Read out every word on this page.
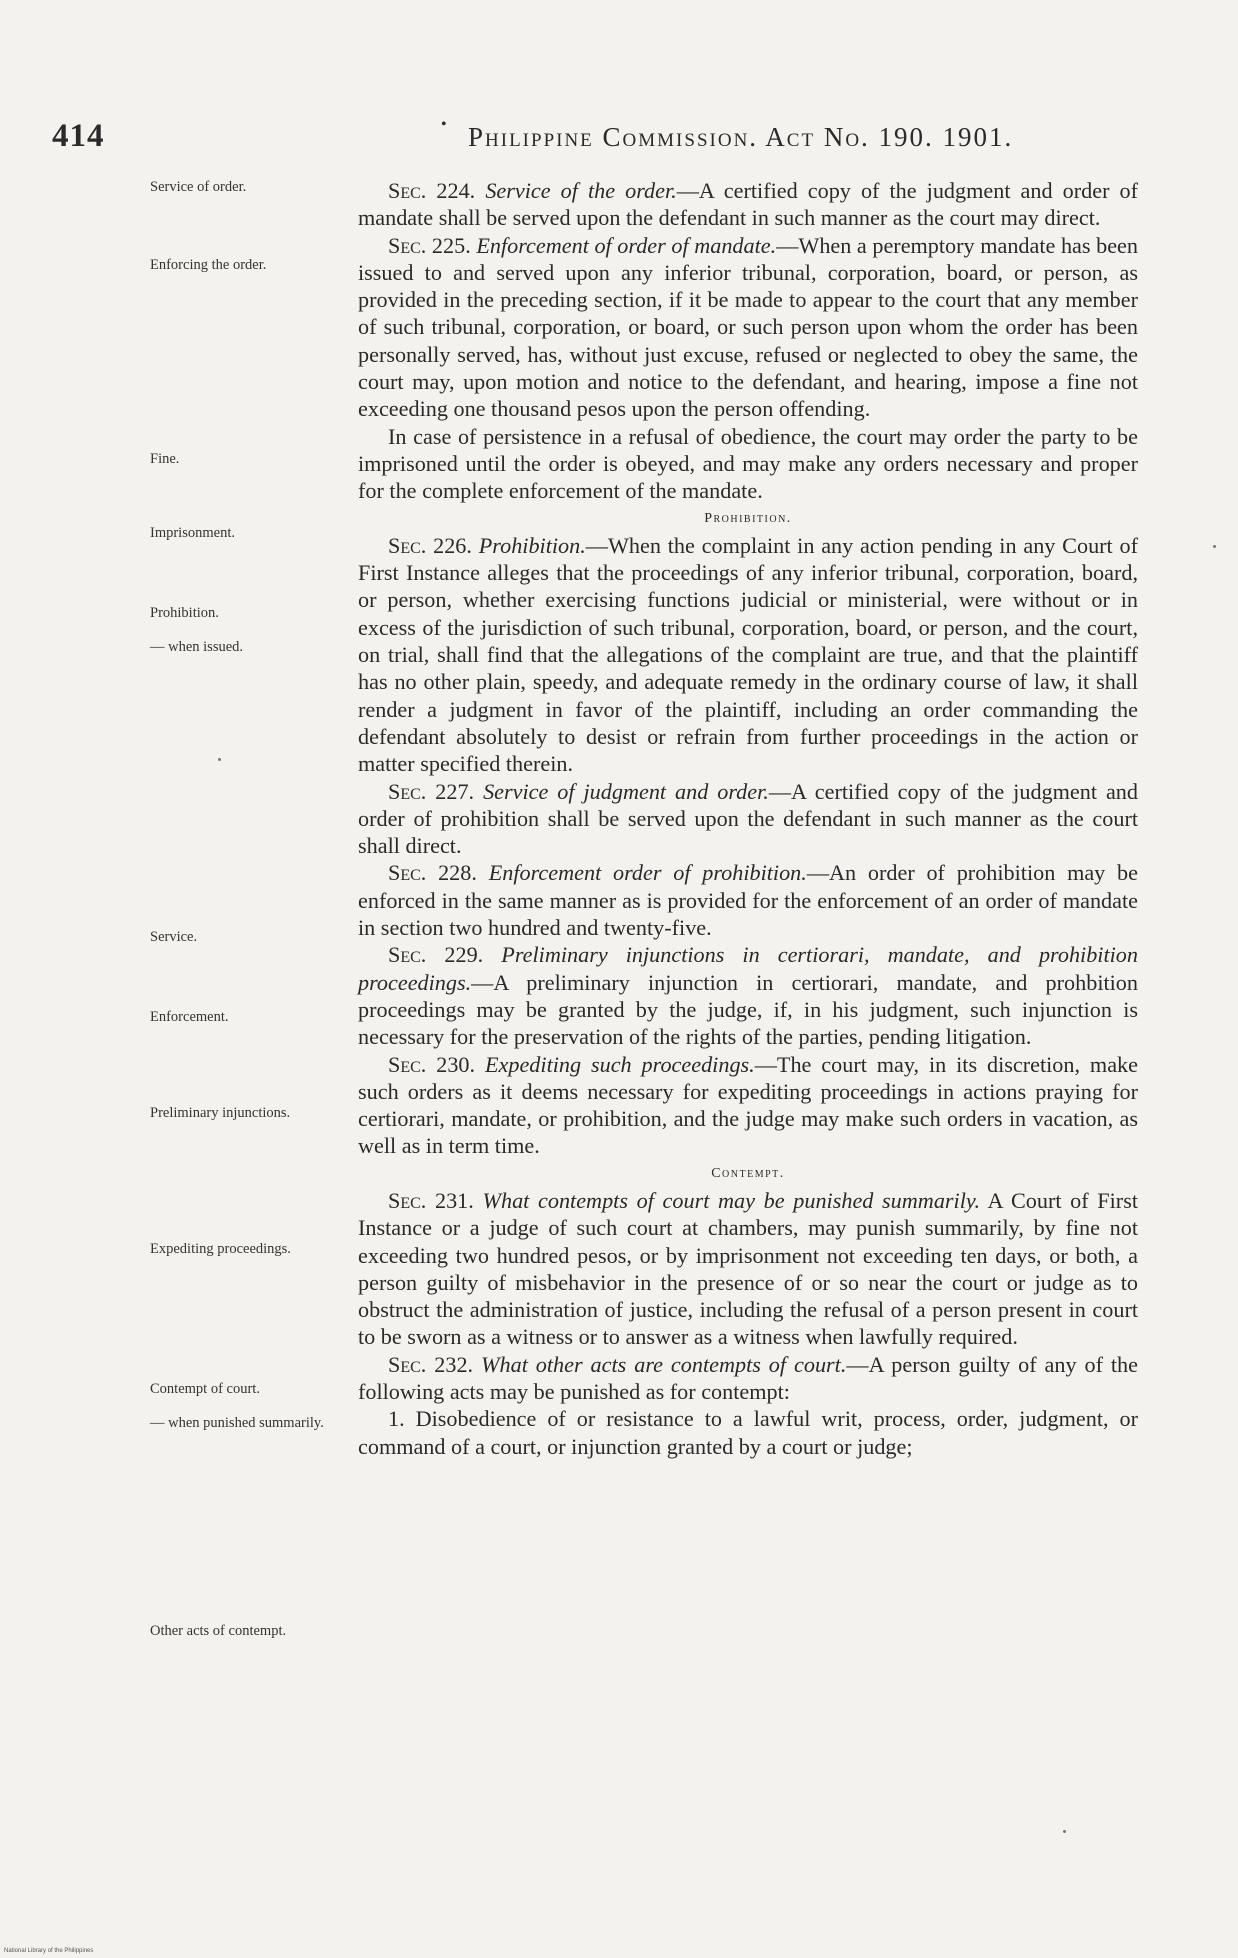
414	• Philippine Commission. Act No. 190. 1901.
Service of order.
Enforcing the order.
Fine.
Imprisonment.
Prohibition.
— when issued.
Service.
Enforcement.
Preliminary injunctions.
Expediting proceedings.
Contempt of court.
— when punished summarily.
Other acts of contempt.

Sec. 224. Service of the order.—A certified copy of the judgment and order of mandate shall be served upon the defendant in such manner as the court may direct.

Sec. 225. Enforcement of order of mandate.—When a peremptory mandate has been issued to and served upon any inferior tribunal, corporation, board, or person, as provided in the preceding section, if it be made to appear to the court that any member of such tribunal, corporation, or board, or such person upon whom the order has been personally served, has, without just excuse, refused or neglected to obey the same, the court may, upon motion and notice to the defendant, and hearing, impose a fine not exceeding one thousand pesos upon the person offending.

In case of persistence in a refusal of obedience, the court may order the party to be imprisoned until the order is obeyed, and may make any orders necessary and proper for the complete enforcement of the mandate.

Prohibition.

Sec. 226. Prohibition.—When the complaint in any action pending in any Court of First Instance alleges that the proceedings of any inferior tribunal, corporation, board, or person, whether exercising functions judicial or ministerial, were without or in excess of the jurisdiction of such tribunal, corporation, board, or person, and the court, on trial, shall find that the allegations of the complaint are true, and that the plaintiff has no other plain, speedy, and adequate remedy in the ordinary course of law, it shall render a judgment in favor of the plaintiff, including an order commanding the defendant absolutely to desist or refrain from further proceedings in the action or matter specified therein.

Sec. 227. Service of judgment and order.—A certified copy of the judgment and order of prohibition shall be served upon the defendant in such manner as the court shall direct.

Sec. 228. Enforcement order of prohibition.—An order of prohibition may be enforced in the same manner as is provided for the enforcement of an order of mandate in section two hundred and twenty-five.

Sec. 229. Preliminary injunctions in certiorari, mandate, and prohibition proceedings.—A preliminary injunction in certiorari, mandate, and prohbition proceedings may be granted by the judge, if, in his judgment, such injunction is necessary for the preservation of the rights of the parties, pending litigation.

Sec. 230. Expediting such proceedings.—The court may, in its discretion, make such orders as it deems necessary for expediting proceedings in actions praying for certiorari, mandate, or prohibition, and the judge may make such orders in vacation, as well as in term time.

Contempt.

Sec. 231. What contempts of court may be punished summarily. A Court of First Instance or a judge of such court at chambers, may punish summarily, by fine not exceeding two hundred pesos, or by imprisonment not exceeding ten days, or both, a person guilty of misbehavior in the presence of or so near the court or judge as to obstruct the administration of justice, including the refusal of a person present in court to be sworn as a witness or to answer as a witness when lawfully required.

Sec. 232. What other acts are contempts of court.—A person guilty of any of the following acts may be punished as for contempt:

1. Disobedience of or resistance to a lawful writ, process, order, judgment, or command of a court, or injunction granted by a court or judge;

National Library of the Philippines
